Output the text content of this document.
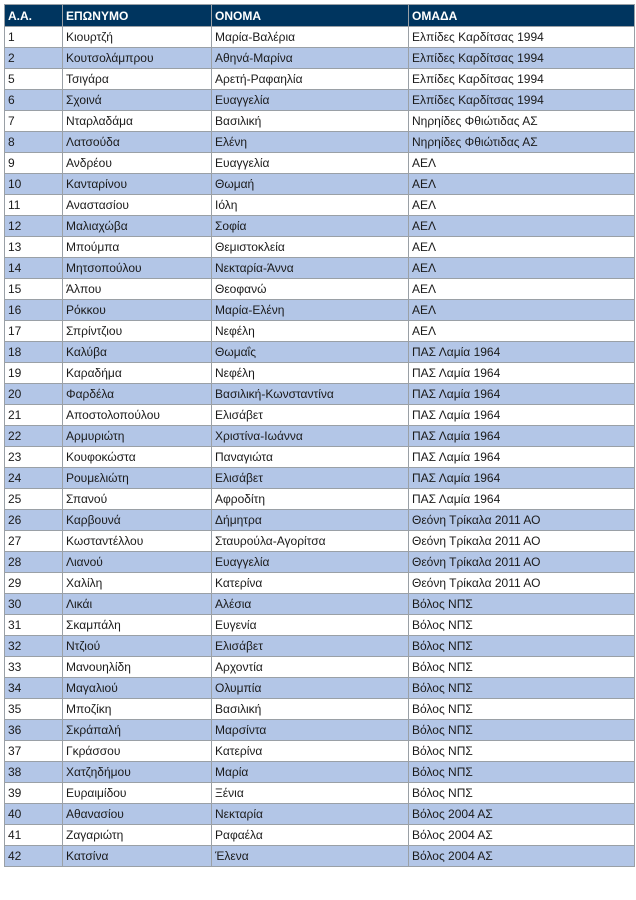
Α.Α.	ΕΠΩΝΥΜΟ	ΟΝΟΜΑ	ΟΜΑΔΑ
1	Κιουρτζή	Μαρία-Βαλέρια	Ελπίδες Καρδίτσας 1994
2	Κουτσολάμπρου	Αθηνά-Μαρίνα	Ελπίδες Καρδίτσας 1994
5	Τσιγάρα	Αρετή-Ραφαηλία	Ελπίδες Καρδίτσας 1994
6	Σχοινά	Ευαγγελία	Ελπίδες Καρδίτσας 1994
7	Νταρλαδάμα	Βασιλική	Νηρηίδες Φθιώτιδας ΑΣ
8	Λατσούδα	Ελένη	Νηρηίδες Φθιώτιδας ΑΣ
9	Ανδρέου	Ευαγγελία	ΑΕΛ
10	Κανταρίνου	Θωμαή	ΑΕΛ
11	Αναστασίου	Ιόλη	ΑΕΛ
12	Μαλιαχώβα	Σοφία	ΑΕΛ
13	Μπούμπα	Θεμιστοκλεία	ΑΕΛ
14	Μητσοπούλου	Νεκταρία-Άννα	ΑΕΛ
15	Άλπου	Θεοφανώ	ΑΕΛ
16	Ρόκκου	Μαρία-Ελένη	ΑΕΛ
17	Σπρίντζιου	Νεφέλη	ΑΕΛ
18	Καλύβα	Θωμαΐς	ΠΑΣ Λαμία 1964
19	Καραδήμα	Νεφέλη	ΠΑΣ Λαμία 1964
20	Φαρδέλα	Βασιλική-Κωνσταντίνα	ΠΑΣ Λαμία 1964
21	Αποστολοπούλου	Ελισάβετ	ΠΑΣ Λαμία 1964
22	Αρμυριώτη	Χριστίνα-Ιωάννα	ΠΑΣ Λαμία 1964
23	Κουφοκώστα	Παναγιώτα	ΠΑΣ Λαμία 1964
24	Ρουμελιώτη	Ελισάβετ	ΠΑΣ Λαμία 1964
25	Σπανού	Αφροδίτη	ΠΑΣ Λαμία 1964
26	Καρβουνά	Δήμητρα	Θεόνη Τρίκαλα 2011 ΑΟ
27	Κωσταντέλλου	Σταυρούλα-Αγορίτσα	Θεόνη Τρίκαλα 2011 ΑΟ
28	Λιανού	Ευαγγελία	Θεόνη Τρίκαλα 2011 ΑΟ
29	Χαλίλη	Κατερίνα	Θεόνη Τρίκαλα 2011 ΑΟ
30	Λικάι	Αλέσια	Βόλος ΝΠΣ
31	Σκαμπάλη	Ευγενία	Βόλος ΝΠΣ
32	Ντζιού	Ελισάβετ	Βόλος ΝΠΣ
33	Μανουηλίδη	Αρχοντία	Βόλος ΝΠΣ
34	Μαγαλιού	Ολυμπία	Βόλος ΝΠΣ
35	Μποζίκη	Βασιλική	Βόλος ΝΠΣ
36	Σκράπαλή	Μαρσίντα	Βόλος ΝΠΣ
37	Γκράσσου	Κατερίνα	Βόλος ΝΠΣ
38	Χατζηδήμου	Μαρία	Βόλος ΝΠΣ
39	Ευραιμίδου	Ξένια	Βόλος ΝΠΣ
40	Αθανασίου	Νεκταρία	Βόλος 2004 ΑΣ
41	Ζαγαριώτη	Ραφαέλα	Βόλος 2004 ΑΣ
42	Κατσίνα	Έλενα	Βόλος 2004 ΑΣ
